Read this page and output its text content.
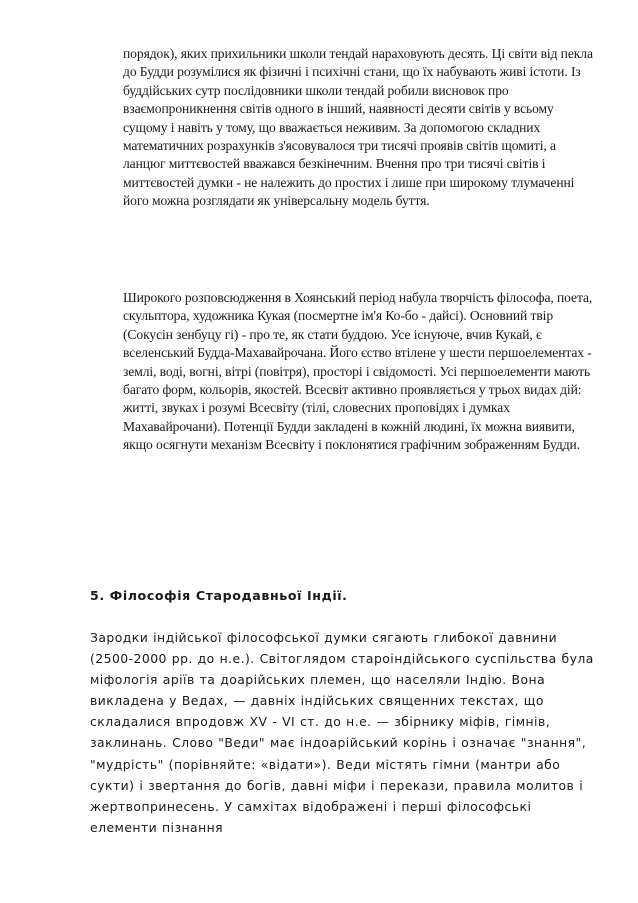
порядок), яких прихильники школи тендай нараховують десять. Ці світи від пекла до Будди розумілися як фізичні і психічні стани, що їх набувають живі істоти. Із буддійських сутр послідовники школи тендай робили висновок про взаємопроникнення світів одного в інший, наявності десяти світів у всьому сущому і навіть у тому, що вважається неживим. За допомогою складних математичних розрахунків з'ясовувалося три тисячі проявів світів щомиті, а ланцюг миттєвостей вважався безкінечним. Вчення про три тисячі світів і миттєвостей думки - не належить до простих і лише при широкому тлумаченні його можна розглядати як універсальну модель буття.

Широкого розповсюдження в Хоянський період набула творчість філософа, поета, скульптора, художника Кукая (посмертне ім'я Ко-бо - дайсі). Основний твір (Сокусін зенбуцу гі) - про те, як стати буддою. Усе існуюче, вчив Кукай, є вселенський Будда-Махавайрочана. Його єство втілене у шести першоелементах - землі, воді, вогні, вітрі (повітря), просторі і свідомості. Усі першоелементи мають багато форм, кольорів, якостей. Всесвіт активно проявляється у трьох видах дій: житті, звуках і розумі Всесвіту (тілі, словесних проповідях і думках Махавайрочани). Потенції Будди закладені в кожній людині, їх можна виявити, якщо осягнути механізм Всесвіту і поклонятися графічним зображенням Будди.

5. Філософія Стародавньої Індії.

Зародки індійської філософської думки сягають глибокої давнини (2500-2000 рр. до н.е.). Світоглядом староіндійського суспільства була міфологія аріїв та доарійських племен, що населяли Індію. Вона викладена у Ведах, — давніх індійських священних текстах, що складалися впродовж XV - VI ст. до н.е. — збірнику міфів, гімнів, заклинань. Слово "Веди" має індоарійський корінь і означає "знання", "мудрість" (порівняйте: «відати»). Веди містять гімни (мантри або сукти) і звертання до богів, давні міфи і перекази, правила молитов і жертвопринесень. У самхітах відображені і перші філософські елементи пізнання
